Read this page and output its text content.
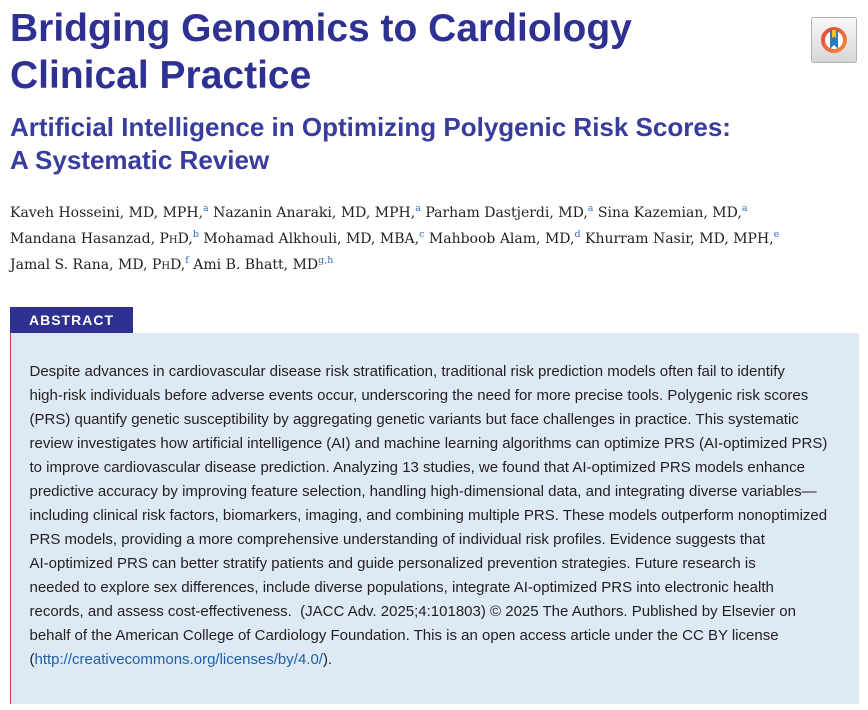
Bridging Genomics to Cardiology
Clinical Practice
Artificial Intelligence in Optimizing Polygenic Risk Scores:
A Systematic Review
Kaveh Hosseini, MD, MPH,$^a$ Nazanin Anaraki, MD, MPH,$^a$ Parham Dastjerdi, MD,$^a$ Sina Kazemian, MD,$^a$
Mandana Hasanzad, PhD,$^b$ Mohamad Alkhouli, MD, MBA,$^c$ Mahboob Alam, MD,$^d$ Khurram Nasir, MD, MPH,$^e$
Jamal S. Rana, MD, PhD,$^f$ Ami B. Bhatt, MD$^{g,h}$
ABSTRACT
Despite advances in cardiovascular disease risk stratification, traditional risk prediction models often fail to identify
high-risk individuals before adverse events occur, underscoring the need for more precise tools. Polygenic risk scores
(PRS) quantify genetic susceptibility by aggregating genetic variants but face challenges in practice. This systematic
review investigates how artificial intelligence (AI) and machine learning algorithms can optimize PRS (AI-optimized PRS)
to improve cardiovascular disease prediction. Analyzing 13 studies, we found that AI-optimized PRS models enhance
predictive accuracy by improving feature selection, handling high-dimensional data, and integrating diverse variables—
including clinical risk factors, biomarkers, imaging, and combining multiple PRS. These models outperform nonoptimized
PRS models, providing a more comprehensive understanding of individual risk profiles. Evidence suggests that
AI-optimized PRS can better stratify patients and guide personalized prevention strategies. Future research is
needed to explore sex differences, include diverse populations, integrate AI-optimized PRS into electronic health
records, and assess cost-effectiveness.  (JACC Adv. 2025;4:101803) © 2025 The Authors. Published by Elsevier on
behalf of the American College of Cardiology Foundation. This is an open access article under the CC BY license
(http://creativecommons.org/licenses/by/4.0/).
